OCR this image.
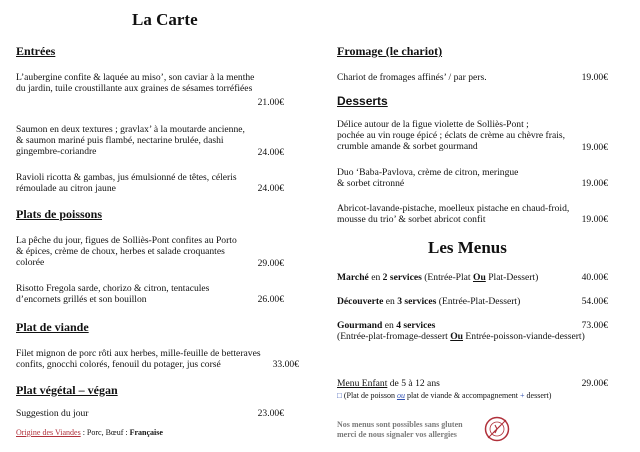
La Carte
Entrées
L’aubergine confite & laquée au miso’, son caviar à la menthe
du jardin, tuile croustillante aux graines de sésames torréfiées
21.00€
Saumon en deux textures ; gravlax’ à la moutarde ancienne,
& saumon mariné puis flambé, nectarine brulée, dashi
gingembre-coriandre	24.00€
Ravioli ricotta & gambas, jus émulsionné de têtes, céleris
rémoulade au citron jaune	24.00€
Plats de poissons
La pêche du jour, figues de Solliès-Pont confites au Porto
& épices, crème de choux, herbes et salade croquantes
colorée	29.00€
Risotto Fregola sarde, chorizo & citron, tentacules
d’encornets grillés et son bouillon	26.00€
Plat de viande
Filet mignon de porc rôti aux herbes, mille-feuille de betteraves
confits, gnocchi colorés, fenouil du potager, jus corsé	33.00€
Plat végétal – végan
Suggestion du jour	23.00€
Origine des Viandes : Porc, Bœuf : Française
Fromage (le chariot)
Chariot de fromages affinés’ / par pers.	19.00€
Desserts
Délice autour de la figue violette de Solliès-Pont ;
pochée au vin rouge épicé ; éclats de crème au chèvre frais,
crumble amande & sorbet gourmand	19.00€
Duo ‘Baba-Pavlova, crème de citron, meringue
& sorbet citronné	19.00€
Abricot-lavande-pistache, moelleux pistache en chaud-froid,
mousse du trio’ & sorbet abricot confit	19.00€
Les Menus
Marché en 2 services (Entrée-Plat Ou Plat-Dessert)	40.00€
Découverte en 3 services (Entrée-Plat-Dessert)	54.00€
Gourmand en 4 services
(Entrée-plat-fromage-dessert Ou Entrée-poisson-viande-dessert)
73.00€
Menu Enfant de 5 à 12 ans	29.00€
□ (Plat de poisson ou plat de viande & accompagnement + dessert)
Nos menus sont possibles sans gluten
merci de nous signaler vos allergies
